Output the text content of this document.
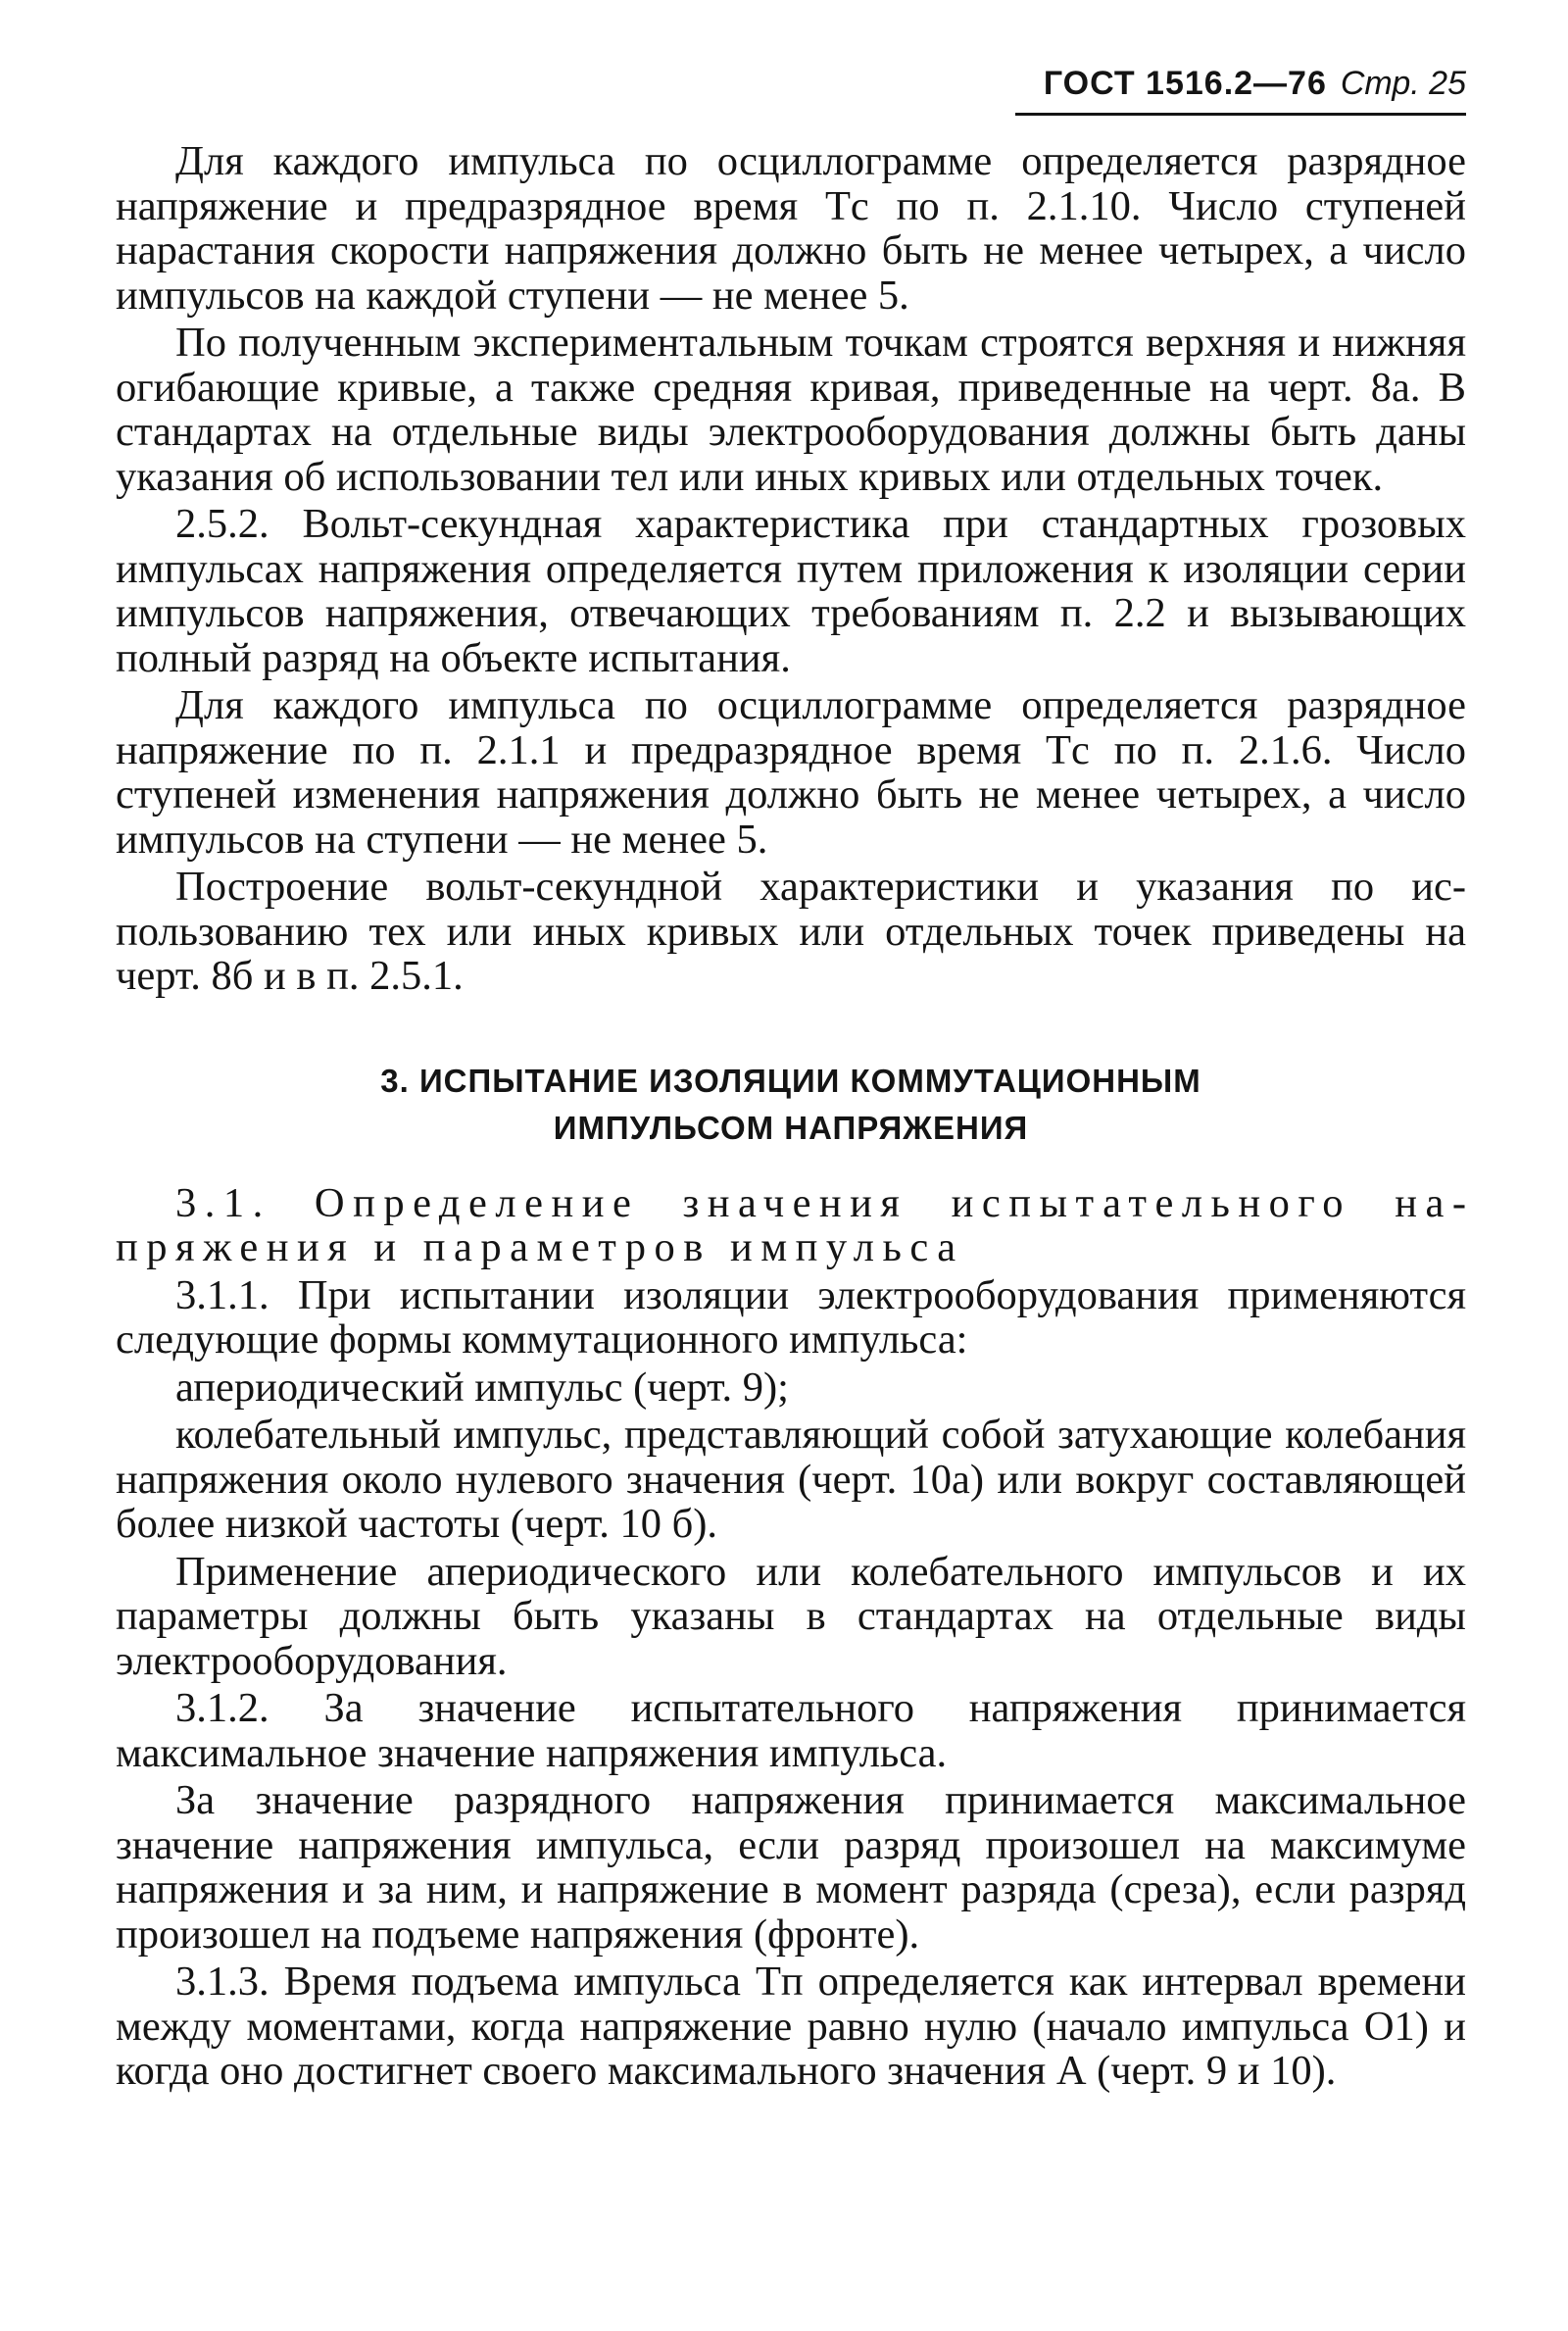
ГОСТ 1516.2—76 Стр. 25

Для каждого импульса по осциллограмме определяется разрядное напряжение и предразрядное время Tс по п. 2.1.10. Число ступеней нарастания скорости напряжения должно быть не менее четырех, а число импульсов на каждой ступени — не менее 5.

По полученным экспериментальным точкам строятся верхняя и нижняя огибающие кривые, а также средняя кривая, приведенные на черт. 8а. В стандартах на отдельные виды электрооборудования должны быть даны указания об использовании тел или иных кривых или отдельных точек.

2.5.2. Вольт-секундная характеристика при стандартных грозовых импульсах напряжения определяется путем приложения к изоляции серии импульсов напряжения, отвечающих требованиям п. 2.2 и вызывающих полный разряд на объекте испытания.

Для каждого импульса по осциллограмме определяется разрядное напряжение по п. 2.1.1 и предразрядное время Tс по п. 2.1.6. Число ступеней изменения напряжения должно быть не менее четырех, а число импульсов на ступени — не менее 5.

Построение вольт-секундной характеристики и указания по использованию тех или иных кривых или отдельных точек приведены на черт. 8б и в п. 2.5.1.

3. ИСПЫТАНИЕ ИЗОЛЯЦИИ КОММУТАЦИОННЫМ
ИМПУЛЬСОМ НАПРЯЖЕНИЯ

3.1. Определение значения испытательного напряжения и параметров импульса

3.1.1. При испытании изоляции электрооборудования применяются следующие формы коммутационного импульса:

апериодический импульс (черт. 9);

колебательный импульс, представляющий собой затухающие колебания напряжения около нулевого значения (черт. 10а) или вокруг составляющей более низкой частоты (черт. 10 б).

Применение апериодического или колебательного импульсов и их параметры должны быть указаны в стандартах на отдельные виды электрооборудования.

3.1.2. За значение испытательного напряжения принимается максимальное значение напряжения импульса.

За значение разрядного напряжения принимается максимальное значение напряжения импульса, если разряд произошел на максимуме напряжения и за ним, и напряжение в момент разряда (среза), если разряд произошел на подъеме напряжения (фронте).

3.1.3. Время подъема импульса Tп определяется как интервал времени между моментами, когда напряжение равно нулю (начало импульса O1) и когда оно достигнет своего максимального значения А (черт. 9 и 10).
